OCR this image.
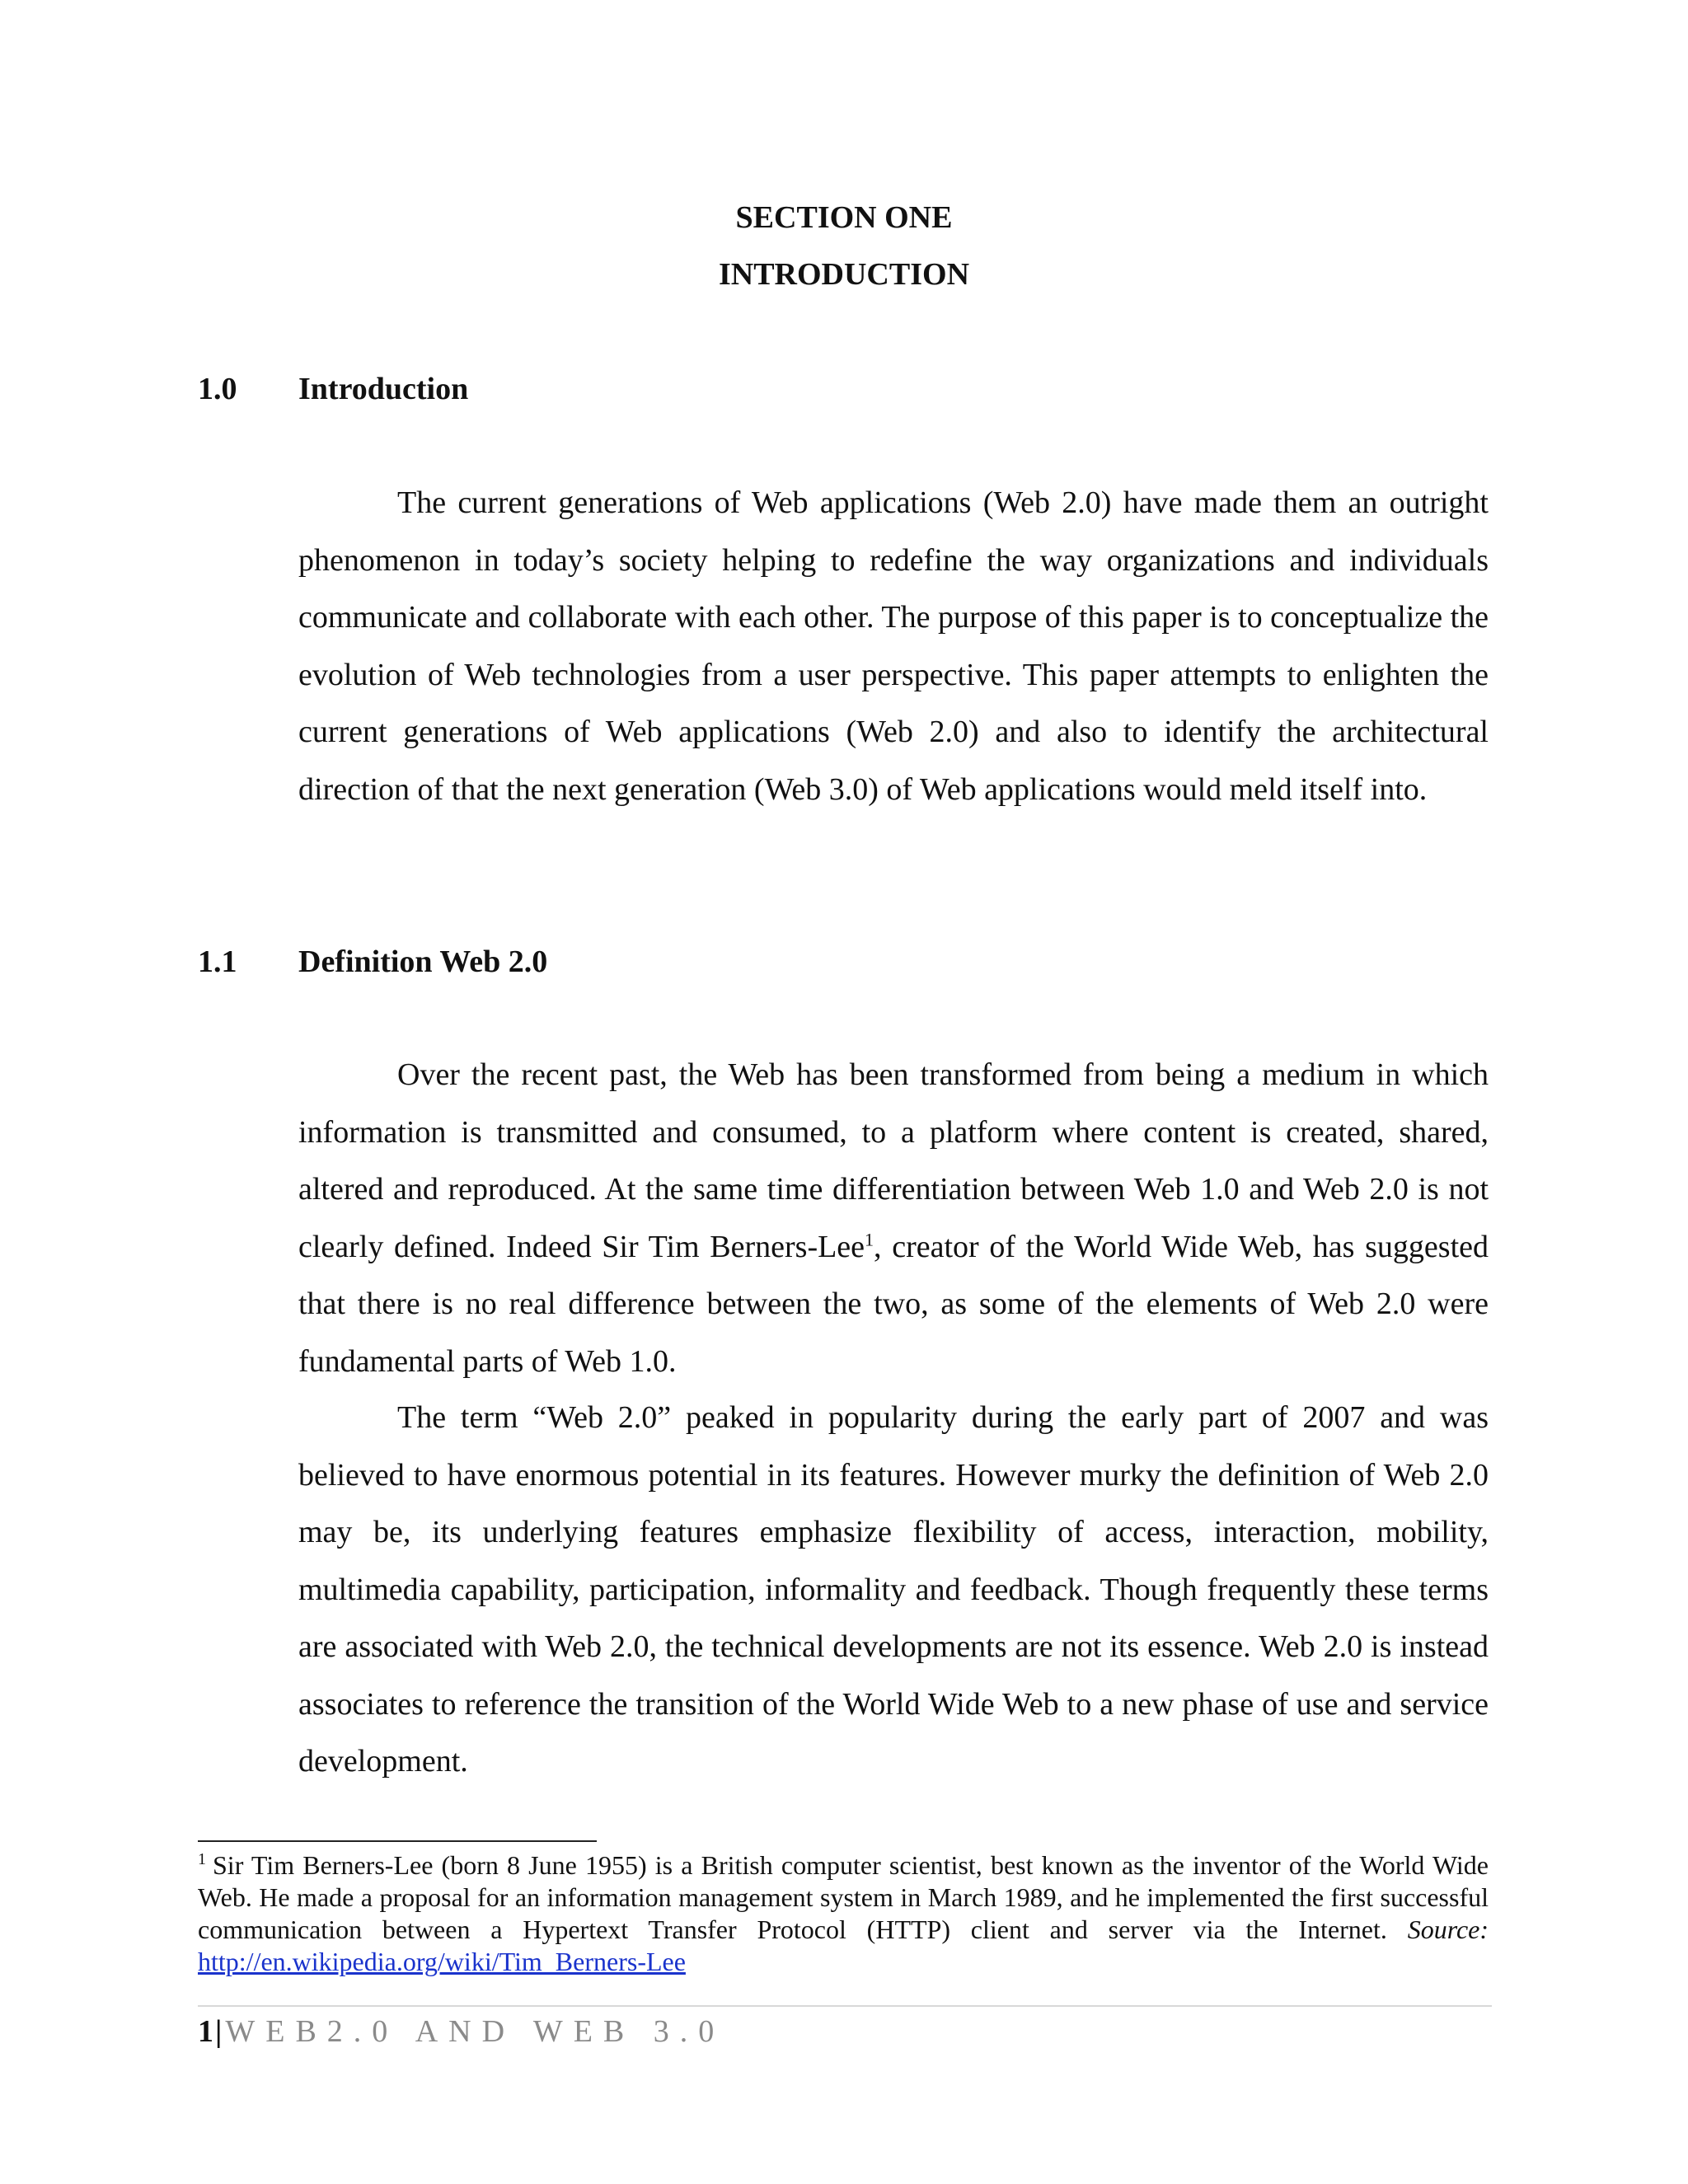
SECTION ONE
INTRODUCTION
1.0 Introduction

The current generations of Web applications (Web 2.0) have made them an outright phenomenon in today’s society helping to redefine the way organizations and individuals communicate and collaborate with each other. The purpose of this paper is to conceptualize the evolution of Web technologies from a user perspective. This paper attempts to enlighten the current generations of Web applications (Web 2.0) and also to identify the architectural direction of that the next generation (Web 3.0) of Web applications would meld itself into.

1.1 Definition Web 2.0

Over the recent past, the Web has been transformed from being a medium in which information is transmitted and consumed, to a platform where content is created, shared, altered and reproduced. At the same time differentiation between Web 1.0 and Web 2.0 is not clearly defined. Indeed Sir Tim Berners-Lee$^1$, creator of the World Wide Web, has suggested that there is no real difference between the two, as some of the elements of Web 2.0 were fundamental parts of Web 1.0.

The term “Web 2.0” peaked in popularity during the early part of 2007 and was believed to have enormous potential in its features. However murky the definition of Web 2.0 may be, its underlying features emphasize flexibility of access, interaction, mobility, multimedia capability, participation, informality and feedback. Though frequently these terms are associated with Web 2.0, the technical developments are not its essence. Web 2.0 is instead associates to reference the transition of the World Wide Web to a new phase of use and service development.

$^1$ Sir Tim Berners-Lee (born 8 June 1955) is a British computer scientist, best known as the inventor of the World Wide Web. He made a proposal for an information management system in March 1989, and he implemented the first successful communication between a Hypertext Transfer Protocol (HTTP) client and server via the Internet. Source: http://en.wikipedia.org/wiki/Tim_Berners-Lee

1| WEB2.0 AND WEB 3.0
